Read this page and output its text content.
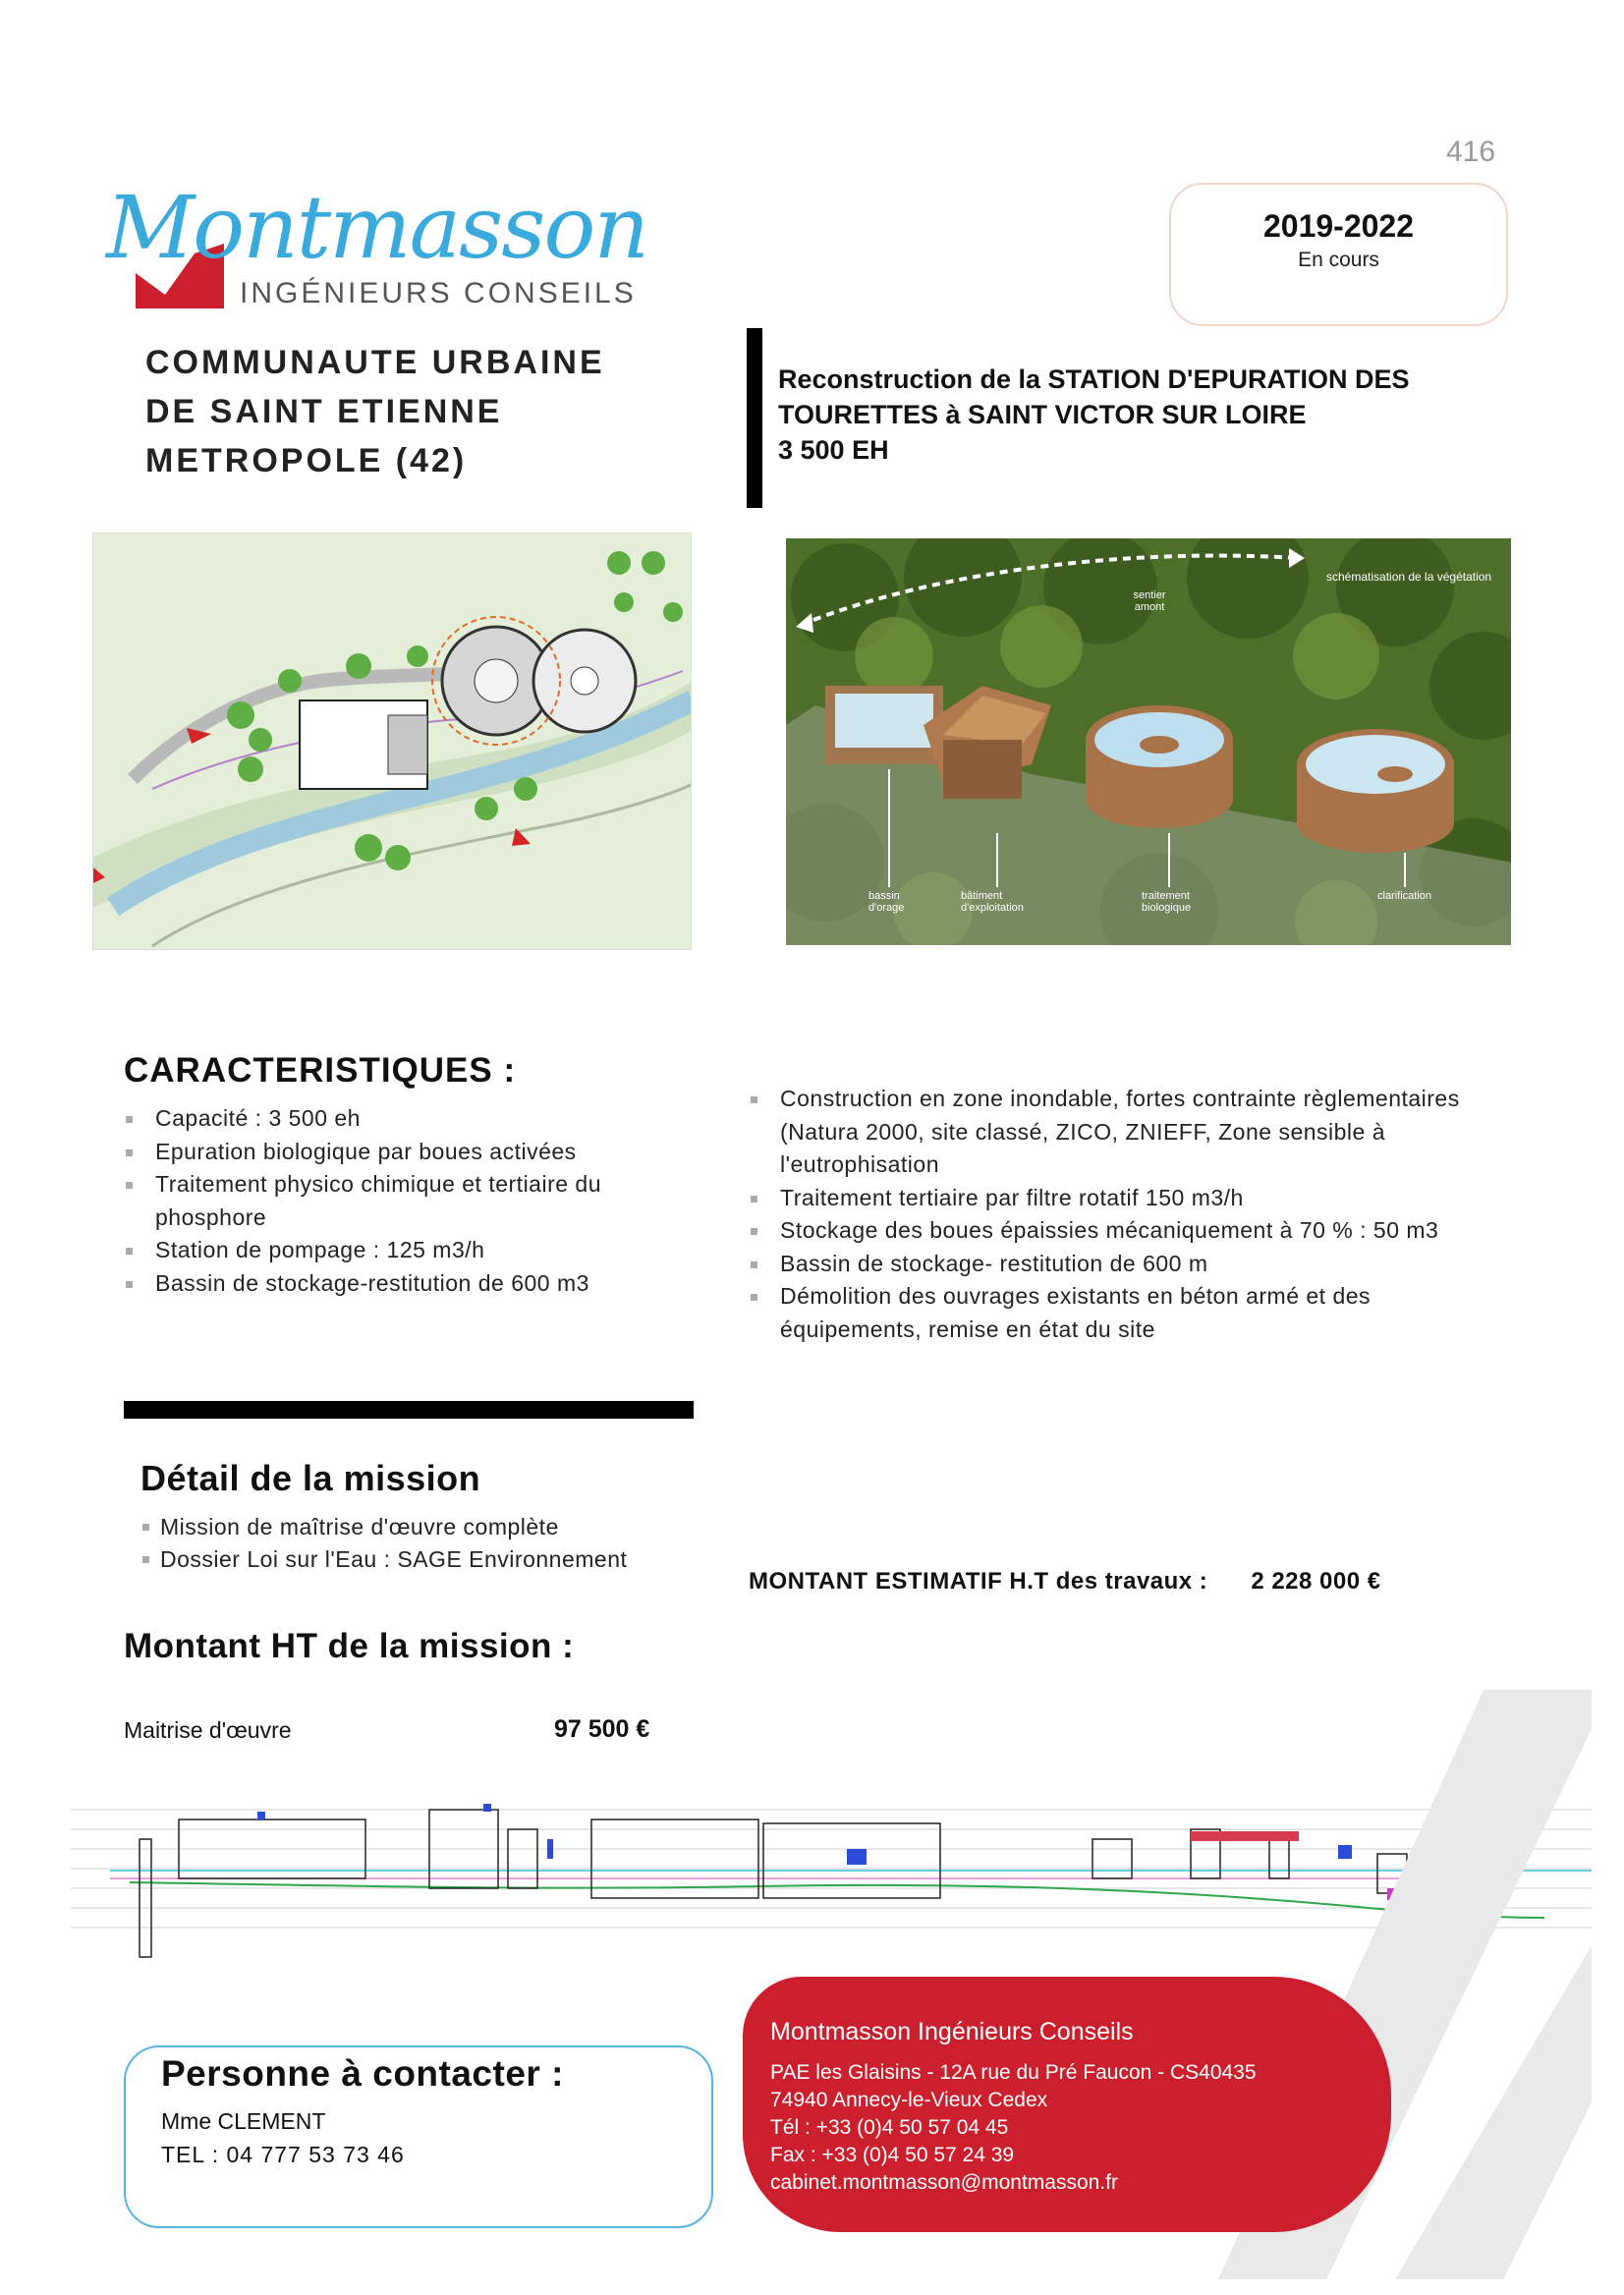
416
Montmasson
INGÉNIEURS CONSEILS
2019-2022
En cours
COMMUNAUTE URBAINE
DE SAINT ETIENNE
METROPOLE (42)
Reconstruction de la STATION D'EPURATION DES
TOURETTES à SAINT VICTOR SUR LOIRE
3 500 EH
schématisation de la végétation
sentier amont
bassin d'orage
bâtiment d'exploitation
traitement biologique
clarification
CARACTERISTIQUES :
Capacité : 3 500 eh
Epuration biologique par boues activées
Traitement physico chimique et tertiaire du phosphore
Station de pompage : 125 m3/h
Bassin de stockage-restitution de 600 m3
Construction en zone inondable, fortes contrainte règlementaires (Natura 2000, site classé, ZICO, ZNIEFF, Zone sensible à l'eutrophisation
Traitement tertiaire par filtre rotatif 150 m3/h
Stockage des boues épaissies mécaniquement à 70 % : 50 m3
Bassin de stockage- restitution de 600 m
Démolition des ouvrages existants en béton armé et des équipements, remise en état du site
Détail de la mission
Mission de maîtrise d'œuvre complète
Dossier Loi sur l'Eau : SAGE Environnement
MONTANT ESTIMATIF H.T des travaux : 2 228 000 €
Montant HT de la mission :
Maitrise d'œuvre	97 500 €
Montmasson Ingénieurs Conseils
PAE les Glaisins - 12A rue du Pré Faucon - CS40435
74940 Annecy-le-Vieux Cedex
Tél : +33 (0)4 50 57 04 45
Fax : +33 (0)4 50 57 24 39
cabinet.montmasson@montmasson.fr
Personne à contacter :
Mme CLEMENT
TEL : 04 777 53 73 46
